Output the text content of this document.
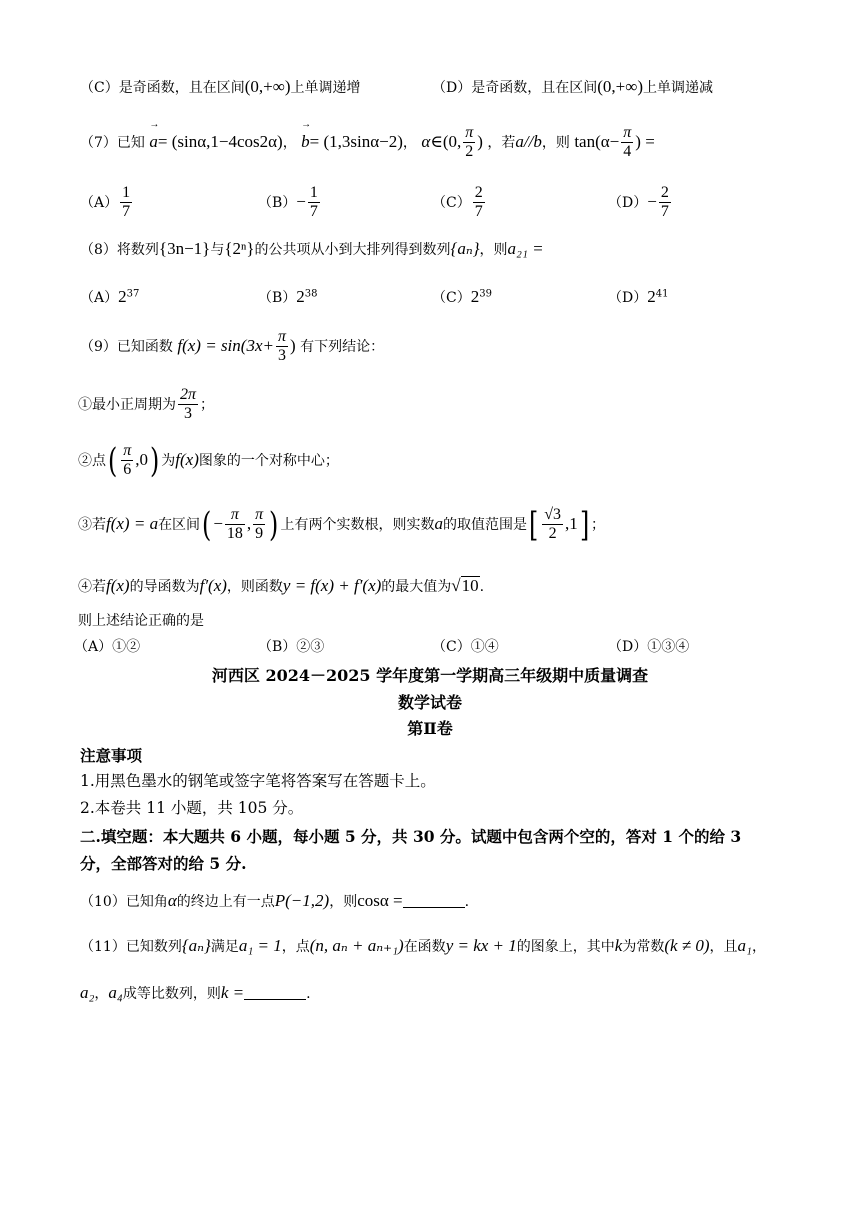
（C）是奇函数，且在区间(0,+∞)上单调递增	（D）是奇函数，且在区间(0,+∞)上单调递减
（7）已知 → a= (sinα,1−4cos2α)， → b= (1,3sinα−2)， α∈(0, $\frac{\pi}{2}$ ) ，若a//b，则 $\tan(\alpha- \frac{\pi}{4}$ ) =
$(A) \frac{1}{7}$	$(B)- \frac{1}{7}$	$(C) \frac{2}{7}$	$(D)- \frac{2}{7}$
（8）将数列{3n−1}与{2ⁿ}的公共项从小到大排列得到数列{aₙ}，则a₂₁ =
$(A)2^{37}$	$(B)2^{38}$	$(C)2^{39}$	$(D)2^{41}$
（9）已知函数 $f(x) = \sin(3x+ \frac{\pi}{3}$ ) 有下列结论：
①最小正周期为 $\frac{2\pi}{3}$ ；
②点( $\frac{\pi}{6} ,0$) 为f(x)图象的一个对称中心；
③若f(x) = a在区间( − $\frac{\pi}{18}$ , $\frac{\pi}{9}$ ) 上有两个实数根，则实数a的取值范围是[ $\frac{√3}{2} ,1$] ；
④若f(x)的导函数为f′(x)，则函数y = f(x) + f′(x)的最大值为√10.
则上述结论正确的是
（A）①②	（B）②③	（C）①④	（D）①③④
河西区 2024－2025 学年度第一学期高三年级期中质量调查
数学试卷
第Ⅱ卷
注意事项
1.用黑色墨水的钢笔或签字笔将答案写在答题卡上。
2.本卷共 11 小题，共 105 分。
二.填空题：本大题共 6 小题，每小题 5 分，共 30 分。试题中包含两个空的，答对 1 个的给 3
分，全部答对的给 5 分.
（10）已知角α的终边上有一点P(−1,2)，则cosα =	.
（11）已知数列{aₙ}满足a₁ = 1，点(n, aₙ + aₙ₊₁)在函数y = kx + 1的图象上，其中k为常数(k ≠ 0)，且a₁，
a₂，a₄成等比数列，则k =	.
